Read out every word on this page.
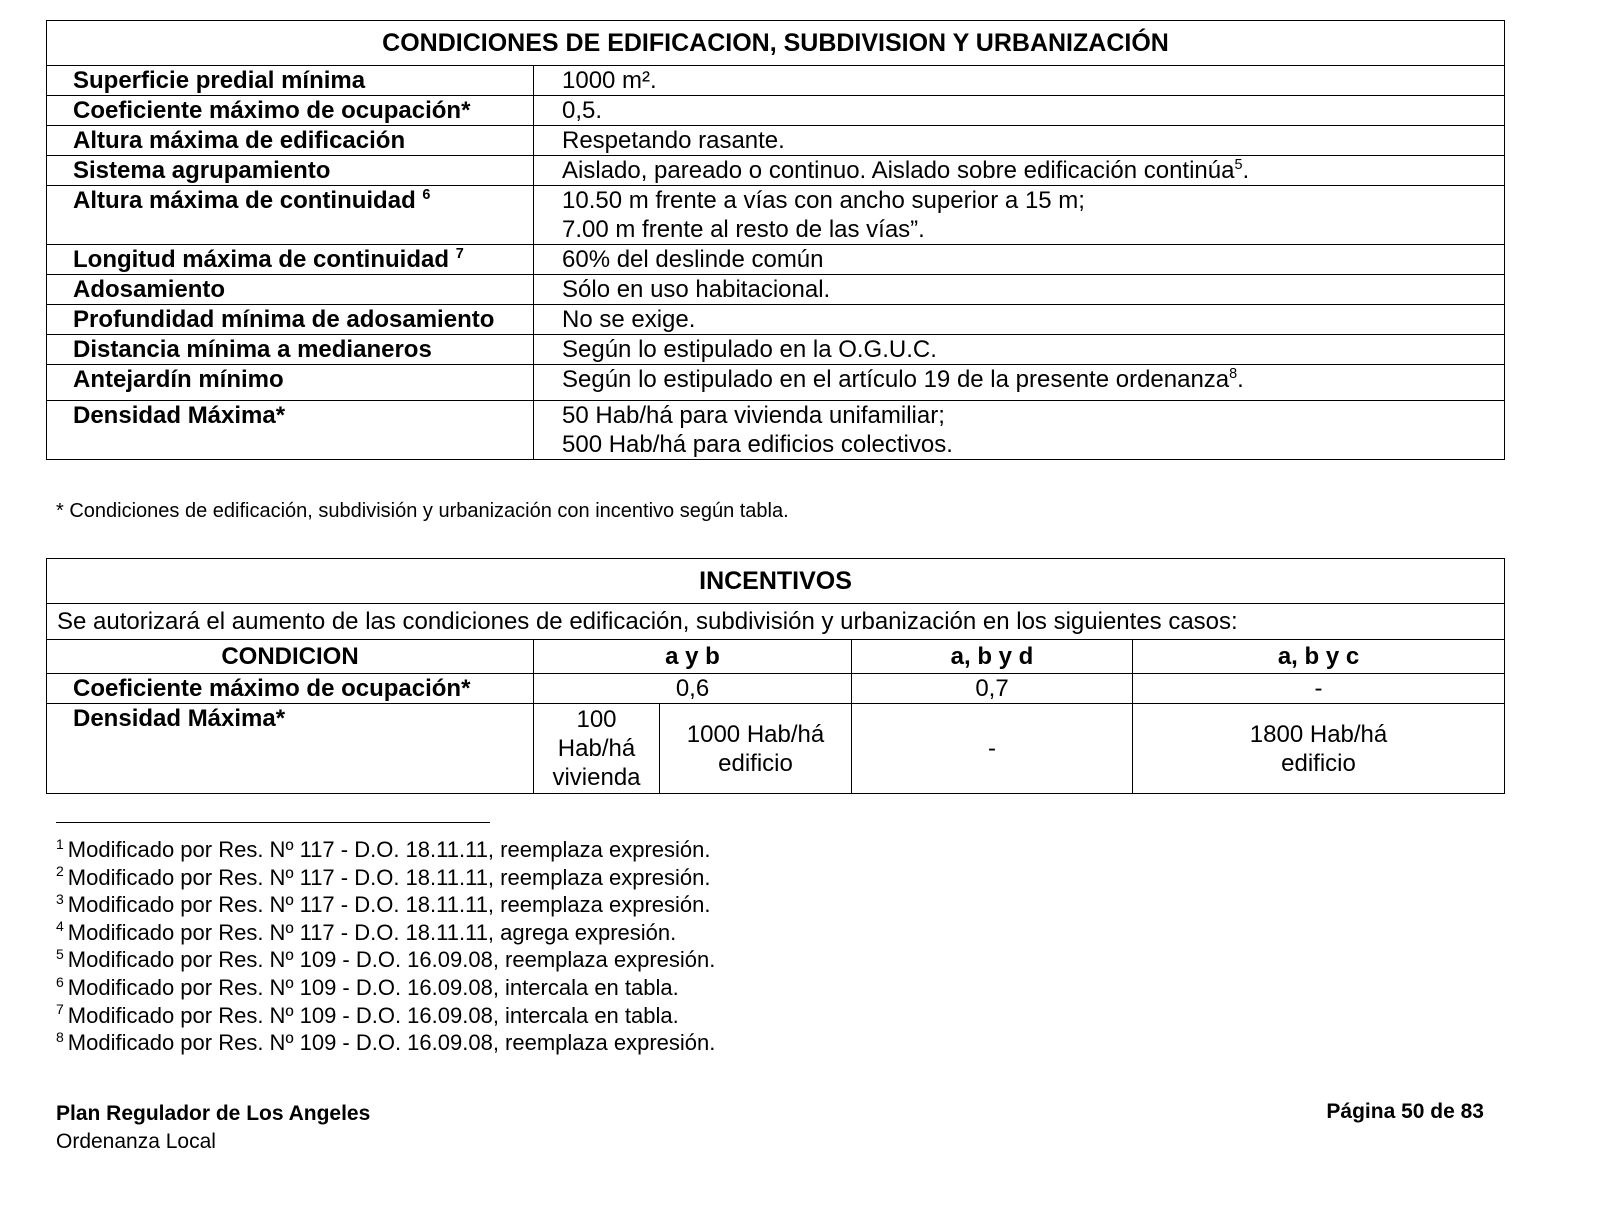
CONDICIONES DE EDIFICACION, SUBDIVISION Y URBANIZACIÓN	
Superficie predial mínima	1000 m².
Coeficiente máximo de ocupación*	0,5.
Altura máxima de edificación	Respetando rasante.
Sistema agrupamiento	Aislado, pareado o continuo. Aislado sobre edificación continúa$^5$.
Altura máxima de continuidad $^6$	10.50 m frente a vías con ancho superior a 15 m;
7.00 m frente al resto de las vías”.

Longitud máxima de continuidad $^7$	60% del deslinde común
Adosamiento	Sólo en uso habitacional.
Profundidad mínima de adosamiento	No se exige.
Distancia mínima a medianeros	Según lo estipulado en la O.G.U.C.
Antejardín mínimo	Según lo estipulado en el artículo 19 de la presente ordenanza$^8$.
Densidad Máxima*	50 Hab/há para vivienda unifamiliar;
500 Hab/há para edificios colectivos.
* Condiciones de edificación, subdivisión y urbanización con incentivo según tabla.
INCENTIVOS				
Se autorizará el aumento de las condiciones de edificación, subdivisión y urbanización en los siguientes casos:				
CONDICION	a y b		a, b y d	a, b y c
Coeficiente máximo de ocupación*	0,6		0,7	-
Densidad Máxima*	100
Hab/há
vivienda	1000 Hab/há
edificio	-	1800 Hab/há
edificio
$^1$ Modificado por Res. Nº 117 - D.O. 18.11.11, reemplaza expresión.
$^2$ Modificado por Res. Nº 117 - D.O. 18.11.11, reemplaza expresión.
$^3$ Modificado por Res. Nº 117 - D.O. 18.11.11, reemplaza expresión.
$^4$ Modificado por Res. Nº 117 - D.O. 18.11.11, agrega expresión.
$^5$ Modificado por Res. Nº 109 - D.O. 16.09.08, reemplaza expresión.
$^6$ Modificado por Res. Nº 109 - D.O. 16.09.08, intercala en tabla.
$^7$ Modificado por Res. Nº 109 - D.O. 16.09.08, intercala en tabla.
$^8$ Modificado por Res. Nº 109 - D.O. 16.09.08, reemplaza expresión.
Plan Regulador de Los Angeles
Ordenanza Local
Página 50 de 83
